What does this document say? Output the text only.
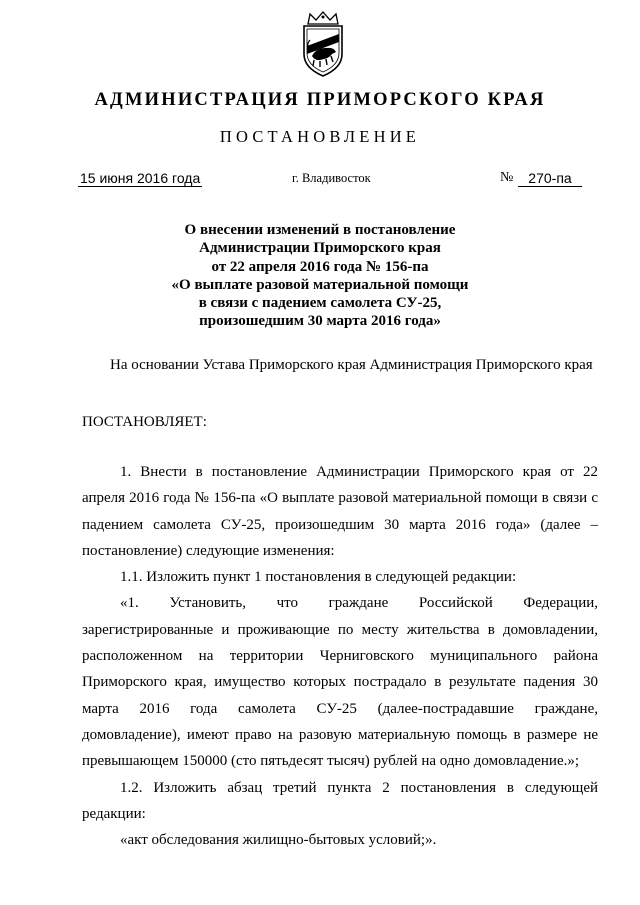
АДМИНИСТРАЦИЯ ПРИМОРСКОГО КРАЯ
ПОСТАНОВЛЕНИЕ
15 июня 2016 года	г. Владивосток	№	270-па
О внесении изменений в постановление
Администрации Приморского края
от 22 апреля 2016 года № 156-па
«О выплате разовой материальной помощи
в связи с падением самолета СУ-25,
произошедшим 30 марта 2016 года»
На основании Устава Приморского края Администрация Приморского края
ПОСТАНОВЛЯЕТ:

1. Внести в постановление Администрации Приморского края от 22 апреля 2016 года № 156-па «О выплате разовой материальной помощи в связи с падением самолета СУ-25, произошедшим 30 марта 2016 года» (далее – постановление) следующие изменения:

1.1. Изложить пункт 1 постановления в следующей редакции:

«1. Установить, что граждане Российской Федерации, зарегистрированные и проживающие по месту жительства в домовладении, расположенном на территории Черниговского муниципального района Приморского края, имущество которых пострадало в результате падения 30 марта 2016 года самолета СУ-25 (далее-пострадавшие граждане, домовладение), имеют право на разовую материальную помощь в размере не превышающем 150000 (сто пятьдесят тысяч) рублей на одно домовладение.»;

1.2. Изложить абзац третий пункта 2 постановления в следующей редакции:

«акт обследования жилищно-бытовых условий;».
